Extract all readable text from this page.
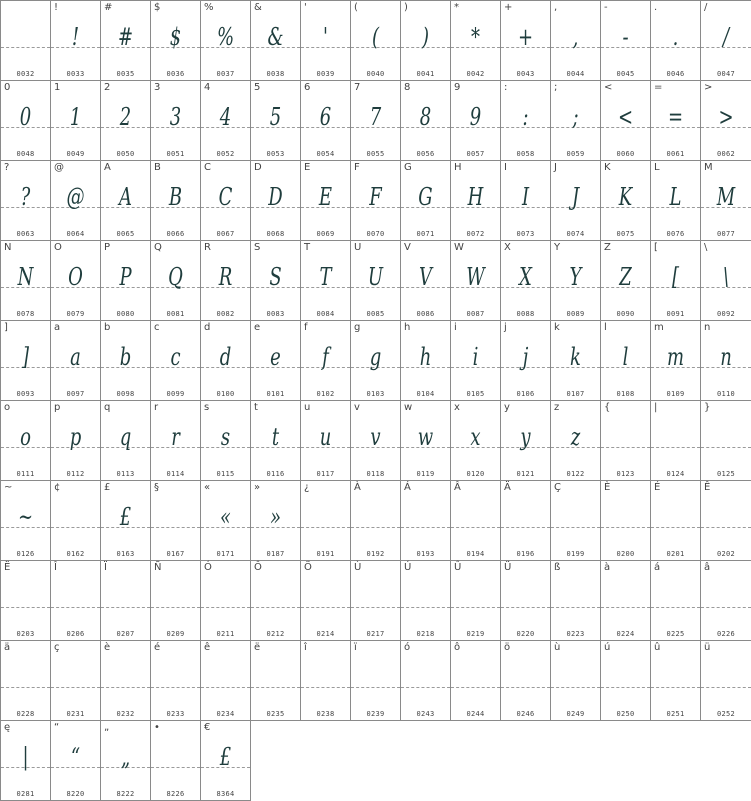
0032
!
!
0033
#
#
0035
$
$
0036
%
%
0037
&
&
0038
'
'
0039
(
(
0040
)
)
0041
*
*
0042
+
+
0043
,
,
0044
-
-
0045
.
.
0046
/
/
0047
0
0
0048
1
1
0049
2
2
0050
3
3
0051
4
4
0052
5
5
0053
6
6
0054
7
7
0055
8
8
0056
9
9
0057
:
:
0058
;
;
0059
<
<
0060
=
=
0061
>
>
0062
?
?
0063
@
@
0064
A
A
0065
B
B
0066
C
C
0067
D
D
0068
E
E
0069
F
F
0070
G
G
0071
H
H
0072
I
I
0073
J
J
0074
K
K
0075
L
L
0076
M
M
0077
N
N
0078
O
O
0079
P
P
0080
Q
Q
0081
R
R
0082
S
S
0083
T
T
0084
U
U
0085
V
V
0086
W
W
0087
X
X
0088
Y
Y
0089
Z
Z
0090
[
[
0091
\
\
0092
]
]
0093
a
a
0097
b
b
0098
c
c
0099
d
d
0100
e
e
0101
f
f
0102
g
g
0103
h
h
0104
i
i
0105
j
j
0106
k
k
0107
l
l
0108
m
m
0109
n
n
0110
o
o
0111
p
p
0112
q
q
0113
r
r
0114
s
s
0115
t
t
0116
u
u
0117
v
v
0118
w
w
0119
x
x
0120
y
y
0121
z
z
0122
{
0123
|
0124
}
0125
~
~
0126
¢
0162
£
£
0163
§
0167
«
«
0171
»
»
0187
¿
0191
À
0192
Á
0193
Â
0194
Ä
0196
Ç
0199
È
0200
É
0201
Ê
0202
Ë
0203
Î
0206
Ï
0207
Ñ
0209
Ó
0211
Ô
0212
Ö
0214
Ù
0217
Ú
0218
Û
0219
Ü
0220
ß
0223
à
0224
á
0225
â
0226
ä
0228
ç
0231
è
0232
é
0233
ê
0234
ë
0235
î
0238
ï
0239
ó
0243
ô
0244
ö
0246
ù
0249
ú
0250
û
0251
ü
0252
ę
|
0281
“
“
8220
„
„
8222
•
8226
€
£
8364
